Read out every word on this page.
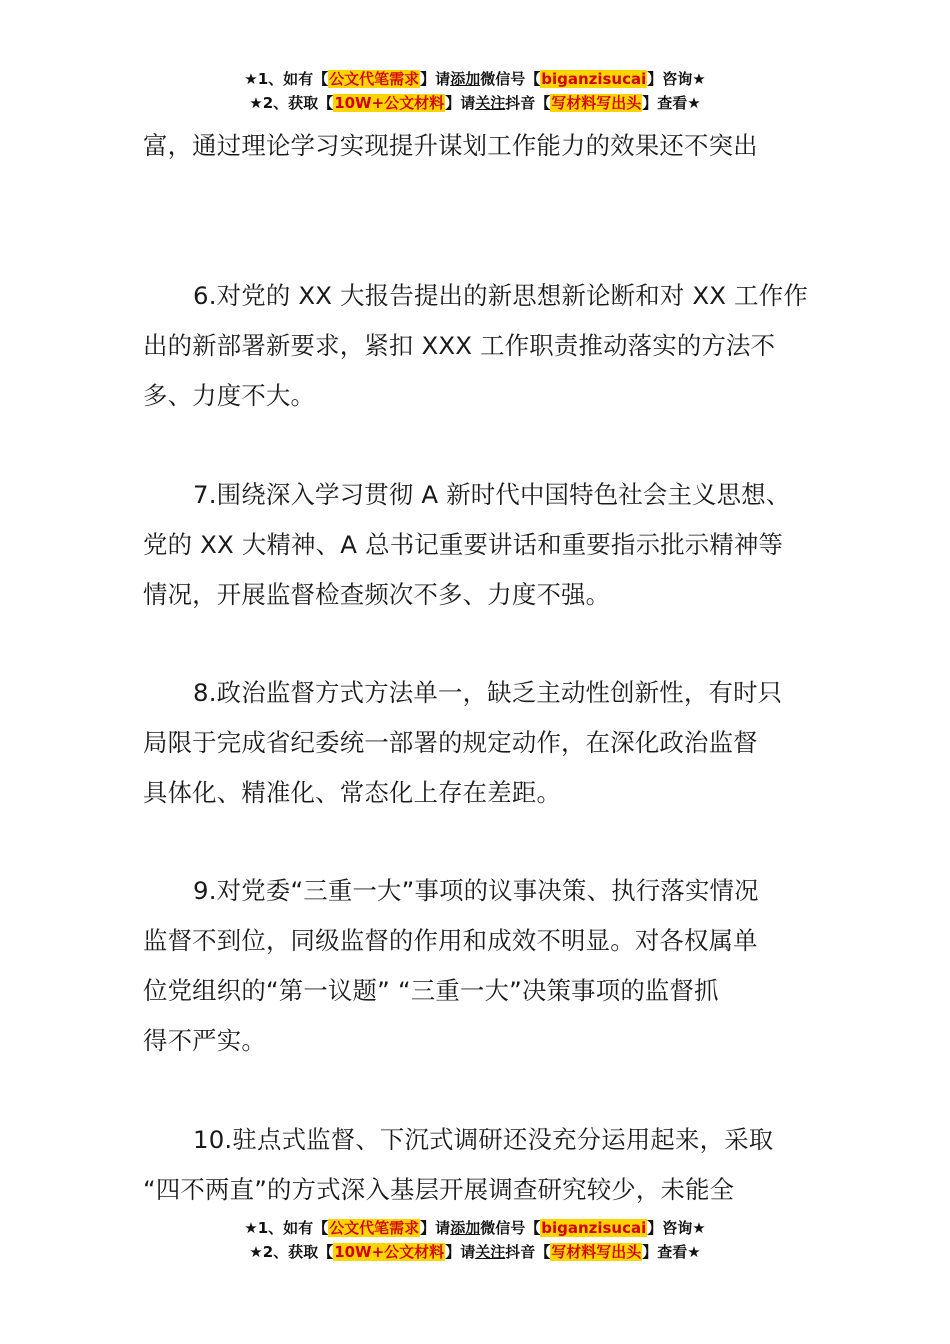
★1、如有【公文代笔需求】请添加微信号【biganzisucai】咨询★
★2、获取【10W+公文材料】请关注抖音【写材料写出头】查看★
富，通过理论学习实现提升谋划工作能力的效果还不突出
6.对党的 XX 大报告提出的新思想新论断和对 XX 工作作
出的新部署新要求，紧扣 XXX 工作职责推动落实的方法不
多、力度不大。
7.围绕深入学习贯彻 A 新时代中国特色社会主义思想、
党的 XX 大精神、A 总书记重要讲话和重要指示批示精神等
情况，开展监督检查频次不多、力度不强。
8.政治监督方式方法单一，缺乏主动性创新性，有时只
局限于完成省纪委统一部署的规定动作，在深化政治监督
具体化、精准化、常态化上存在差距。
9.对党委“三重一大”事项的议事决策、执行落实情况
监督不到位，同级监督的作用和成效不明显。对各权属单
位党组织的“第一议题” “三重一大”决策事项的监督抓
得不严实。
10.驻点式监督、下沉式调研还没充分运用起来，采取
“四不两直”的方式深入基层开展调查研究较少，未能全
★1、如有【公文代笔需求】请添加微信号【biganzisucai】咨询★
★2、获取【10W+公文材料】请关注抖音【写材料写出头】查看★
